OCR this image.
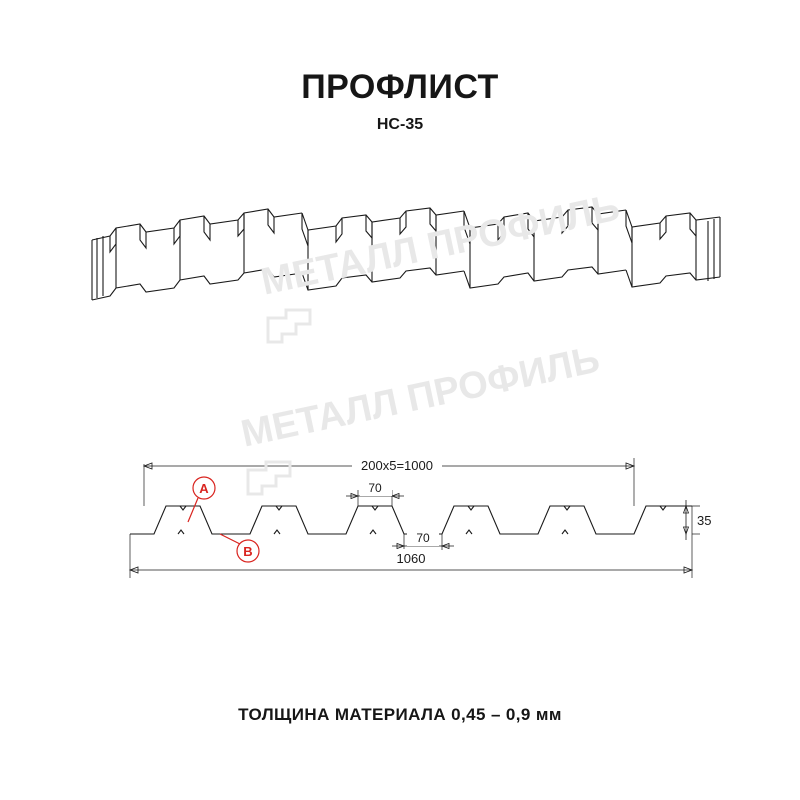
ПРОФЛИСТ
НС-35
200х5=1000
70
70
35
1060
A
B
МЕТАЛЛ ПРОФИЛЬ
МЕТАЛЛ ПРОФИЛЬ
ТОЛЩИНА МАТЕРИАЛА 0,45 – 0,9 мм
